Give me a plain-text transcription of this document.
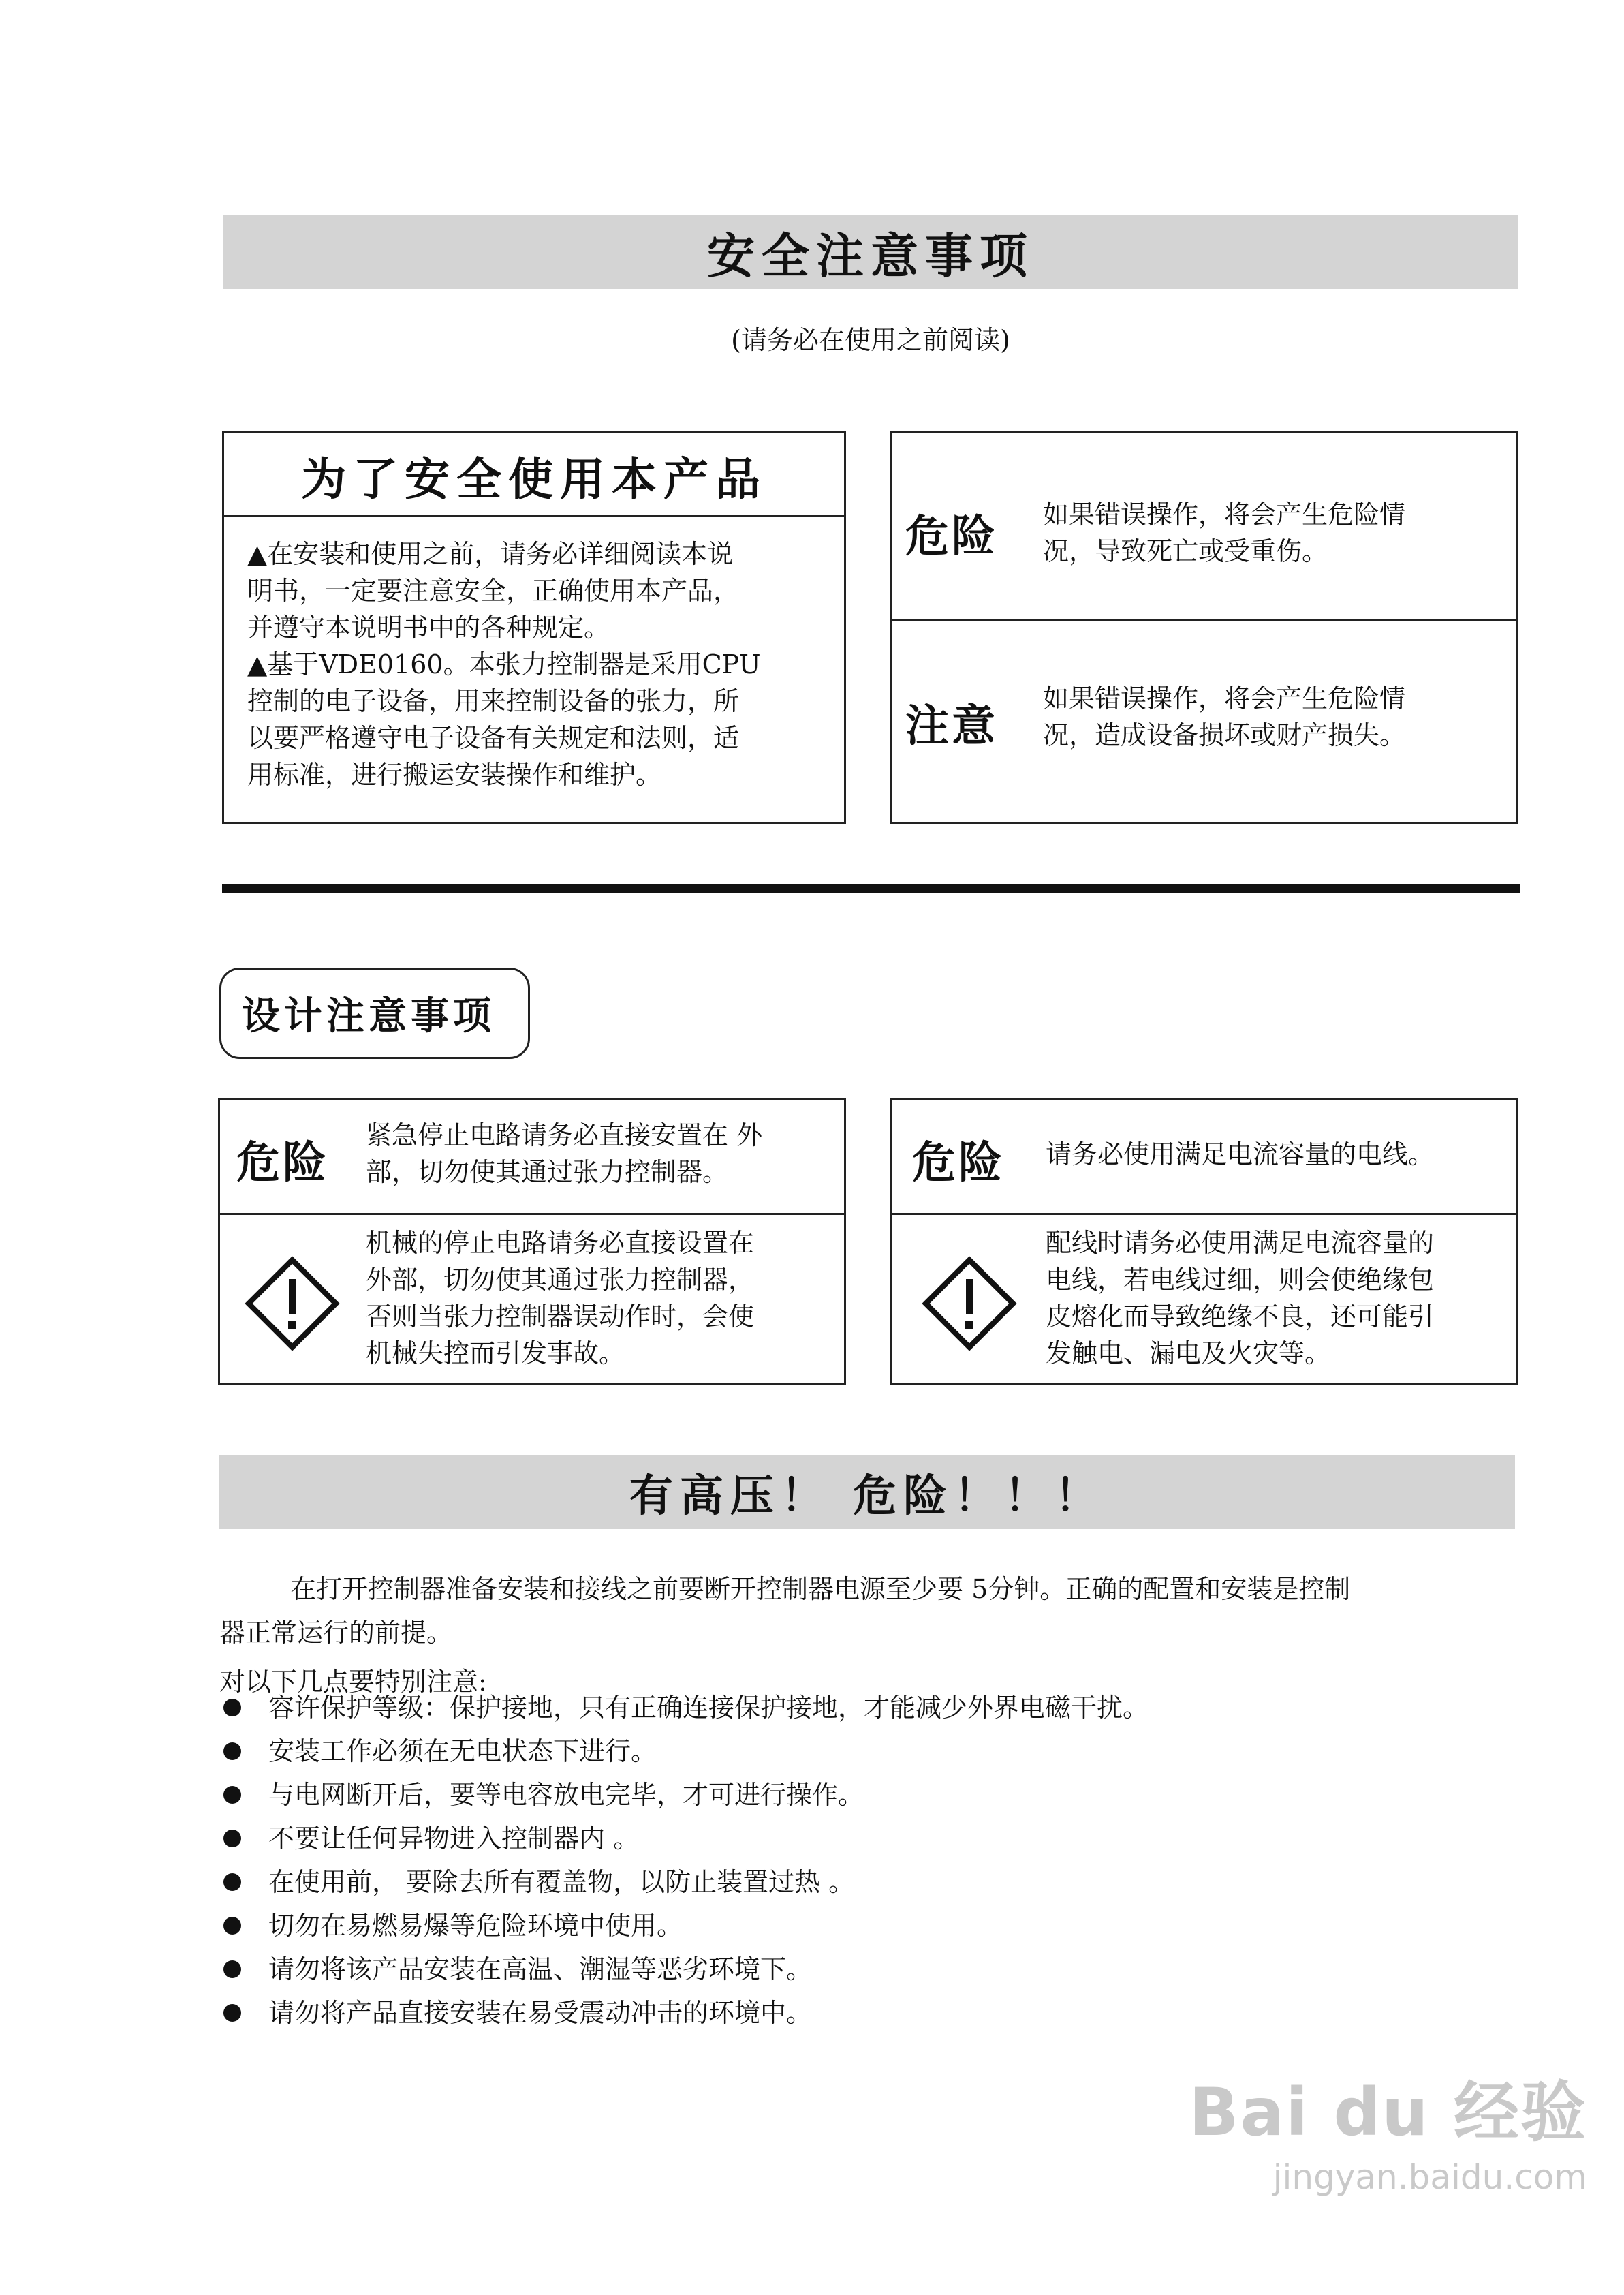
安全注意事项
(请务必在使用之前阅读)
为了安全使用本产品
▲在安装和使用之前，请务必详细阅读本说
明书，一定要注意安全，正确使用本产品，
并遵守本说明书中的各种规定。
▲基于VDE0160。本张力控制器是采用CPU
控制的电子设备，用来控制设备的张力，所
以要严格遵守电子设备有关规定和法则，适
用标准，进行搬运安装操作和维护。
危险 如果错误操作，将会产生危险情
况，导致死亡或受重伤。
注意
如果错误操作，将会产生危险情
况，造成设备损坏或财产损失。
设计注意事项
危险
紧急停止电路请务必直接安置在 外
部，切勿使其通过张力控制器。
机械的停止电路请务必直接设置在
外部，切勿使其通过张力控制器，
否则当张力控制器误动作时，会使
机械失控而引发事故。
危险 请务必使用满足电流容量的电线。
配线时请务必使用满足电流容量的
电线，若电线过细，则会使绝缘包
皮熔化而导致绝缘不良，还可能引
发触电、漏电及火灾等。
有高压！ 危险！！！
在打开控制器准备安装和接线之前要断开控制器电源至少要 5分钟。正确的配置和安装是控制
器正常运行的前提。
对以下几点要特别注意:
容许保护等级：保护接地，只有正确连接保护接地，才能减少外界电磁干扰。
安装工作必须在无电状态下进行。
与电网断开后，要等电容放电完毕，才可进行操作。
不要让任何异物进入控制器内 。
在使用前， 要除去所有覆盖物，以防止装置过热 。
切勿在易燃易爆等危险环境中使用。
请勿将该产品安装在高温、潮湿等恶劣环境下。
请勿将产品直接安装在易受震动冲击的环境中。
Bai du 经验
jingyan.baidu.com
